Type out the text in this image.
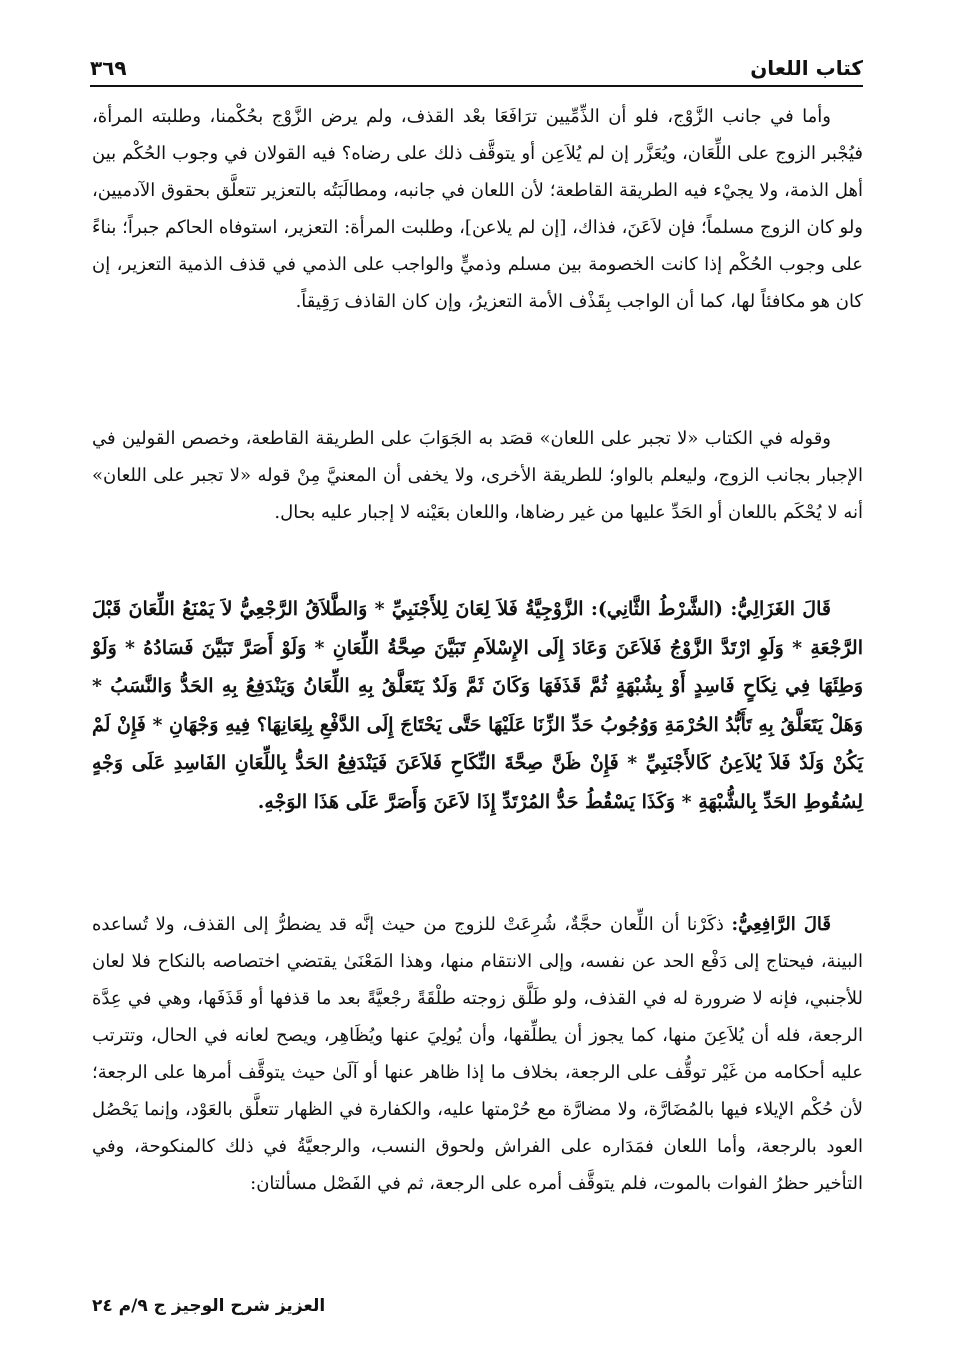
كتاب اللعان
٣٦٩

وأما في جانب الزَّوْج، فلو أن الذِّمِّيين ترَافَعَا بعْد القذف، ولم يرض الزَّوْج بحُكْمنا، وطلبته المرأة، فيُجْبر الزوج على اللِّعَان، ويُعَزَّر إن لم يُلاَعِن أو يتوقَّف ذلك على رضاه؟ فيه القولان في وجوب الحُكْم بين أهل الذمة، ولا يجيْء فيه الطريقة القاطعة؛ لأن اللعان في جانبه، ومطالَبَتُه بالتعزير تتعلَّق بحقوق الآدميين، ولو كان الزوج مسلماً؛ فإن لاَعَنَ، فذاك، [إن لم يلاعن]، وطلبت المرأة: التعزير، استوفاه الحاكم جبراً؛ بناءً على وجوب الحُكْم إذا كانت الخصومة بين مسلم وذميٍّ والواجب على الذمي في قذف الذمية التعزير، إن كان هو مكافئاً لها، كما أن الواجب بِقَذْف الأمة التعزيرُ، وإن كان القاذف رَقِيقاً.

وقوله في الكتاب «لا تجبر على اللعان» قصَد به الجَوَابَ على الطريقة القاطعة، وخصص القولين في الإجبار بجانب الزوج، وليعلم بالواو؛ للطريقة الأخرى، ولا يخفى أن المعنيَّ مِنْ قوله «لا تجبر على اللعان» أنه لا يُحْكَم باللعان أو الحَدِّ عليها من غير رضاها، واللعان بعَيْنه لا إجبار عليه بحال.

قَالَ الغَزَالِيُّ: (الشَّرْطُ الثَّانِي): الزَّوْجِيَّةُ فَلاَ لِعَانَ لِلأَجْنَبِيِّ * وَالطَّلاَقُ الرَّجْعِيُّ لاَ يَمْنَعُ اللِّعَانَ قَبْلَ الرَّجْعَةِ * وَلَوِ ارْتَدَّ الزَّوْجُ فَلاَعَنَ وَعَادَ إِلَى الإِسْلاَمِ تَبَيَّنَ صِحَّةُ اللِّعَانِ * وَلَوْ أَصَرَّ تَبَيَّنَ فَسَادُهُ * وَلَوْ وَطِئَهَا فِي نِكَاحٍ فَاسِدٍ أَوْ بِشُبْهَةٍ ثُمَّ قَذَفَهَا وَكَانَ ثَمَّ وَلَدٌ يَتَعَلَّقُ بِهِ اللِّعَانُ وَيَنْدَفِعُ بِهِ الحَدُّ وَالنَّسَبُ * وَهَلْ يَتَعَلَّقُ بِهِ تَأَبُّدُ الحُرْمَةِ وَوُجُوبُ حَدِّ الزِّنَا عَلَيْهَا حَتَّى يَحْتَاجَ إِلَى الدَّفْعِ بِلِعَانِهَا؟ فِيهِ وَجْهَانِ * فَإِنْ لَمْ يَكُنْ وَلَدٌ فَلاَ يُلاَعِنُ كَالأَجْنَبِيِّ * فَإِنْ ظَنَّ صِحَّةَ النِّكَاحِ فَلاَعَنَ فَيَنْدَفِعُ الحَدُّ بِاللِّعَانِ الفَاسِدِ عَلَى وَجْهٍ لِسُقُوطِ الحَدِّ بِالشُّبْهَةِ * وَكَذَا يَسْقُطُ حَدُّ المُرْتَدِّ إِذَا لاَعَنَ وَأَصَرَّ عَلَى هَذَا الوَجْهِ.

قَالَ الرَّافِعِيُّ: ذكَرْنا أن اللِّعان حجَّةٌ، شُرِعَتْ للزوج من حيث إنَّه قد يضطرُّ إلى القذف، ولا تُساعده البينة، فيحتاج إلى دَفْع الحد عن نفسه، وإلى الانتقام منها، وهذا المَعْنَىٰ يقتضي اختصاصه بالنكاح فلا لعان للأجنبي، فإنه لا ضرورة له في القذف، ولو طَلَّق زوجته طلْقَةً رجْعيَّةً بعد ما قذفها أو قَذَفَها، وهي في عِدَّة الرجعة، فله أن يُلاَعِنَ منها، كما يجوز أن يطلِّقها، وأن يُولِيَ عنها ويُظَاهِر، ويصح لعانه في الحال، وتترتب عليه أحكامه من غَيْر توقُّف على الرجعة، بخلاف ما إذا ظاهر عنها أو آلَىٰ حيث يتوقَّف أمرها على الرجعة؛ لأن حُكْم الإيلاء فيها بالمُضَارَّة، ولا مضارَّة مع حُرْمتها عليه، والكفارة في الظهار تتعلَّق بالعَوْد، وإنما يَحْصُل العود بالرجعة، وأما اللعان فمَدَاره على الفراش ولحوق النسب، والرجعيَّةُ في ذلك كالمنكوحة، وفي التأخير حظرُ الفوات بالموت، فلم يتوقَّف أمره على الرجعة، ثم في الفَصْل مسألتان:

العزيز شرح الوجيز ج ٩/م ٢٤
